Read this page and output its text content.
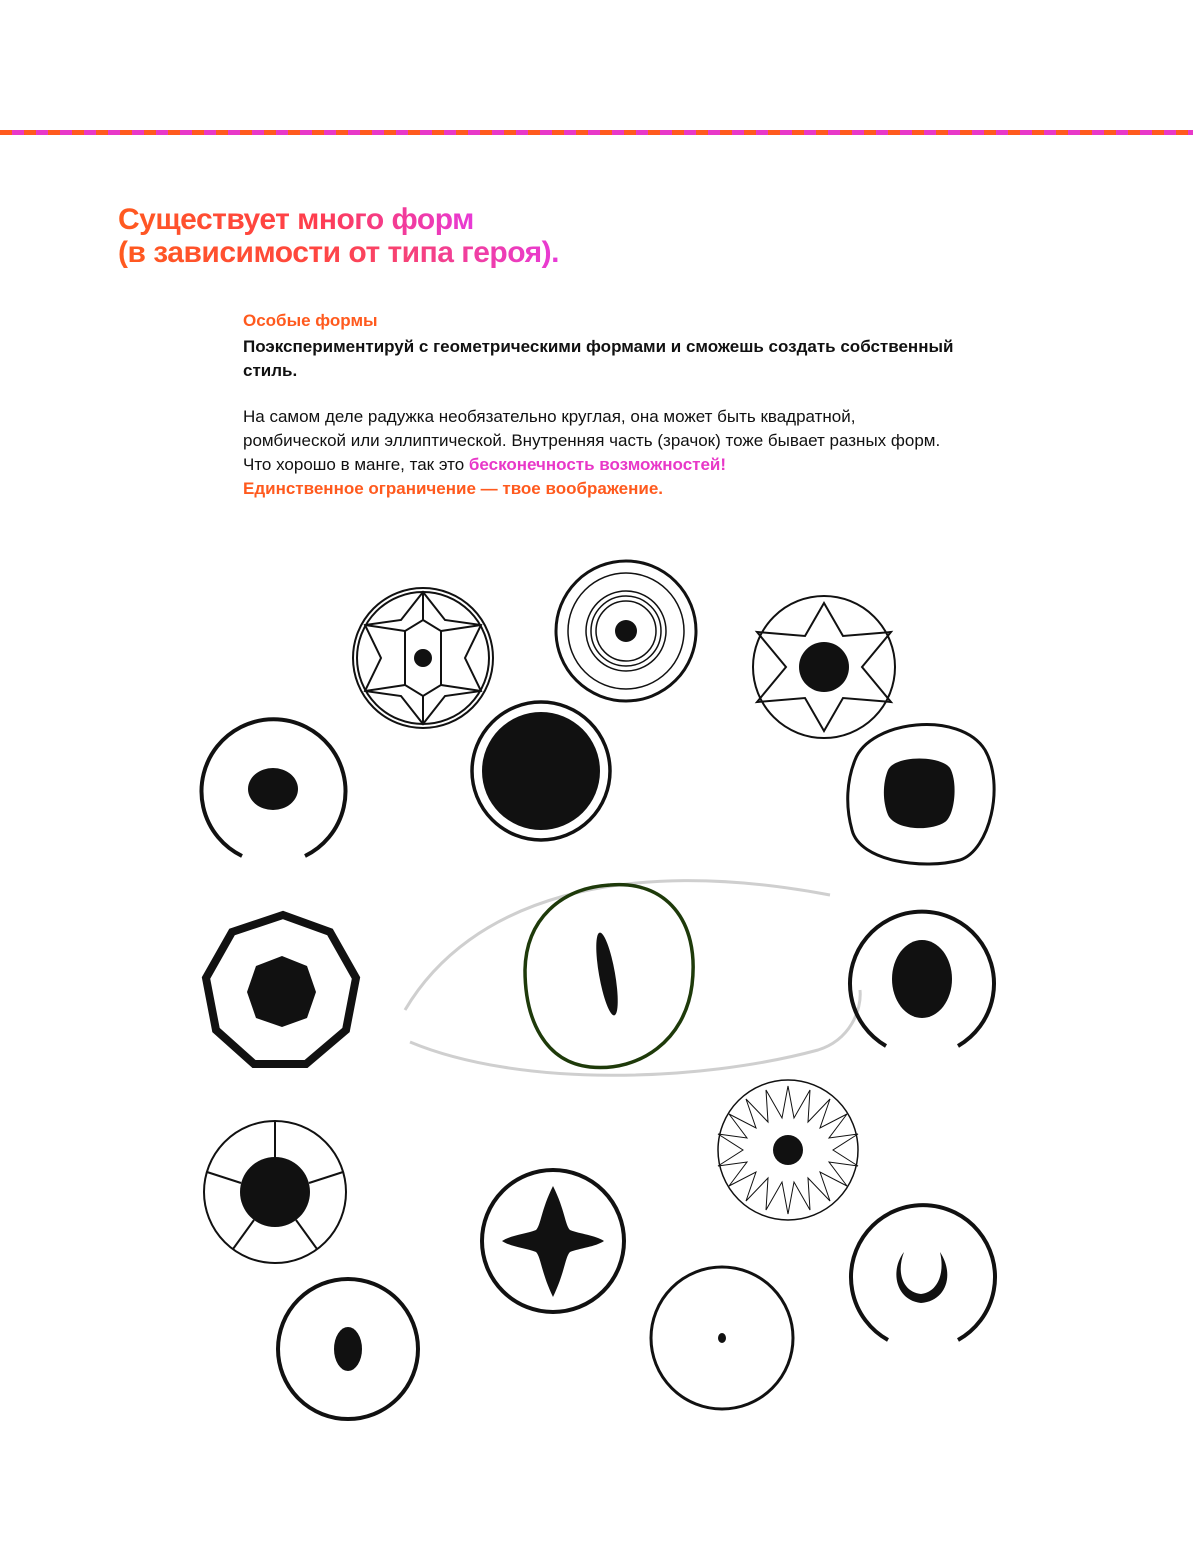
Существует много форм
(в зависимости от типа героя).
Особые формы
Поэкспериментируй с геометрическими формами и сможешь создать собственный стиль.
На самом деле радужка необязательно круглая, она может быть квадратной, ромбической или эллиптической. Внутренняя часть (зрачок) тоже бывает разных форм. Что хорошо в манге, так это бесконечность возможностей!
Единственное ограничение — твое воображение.
